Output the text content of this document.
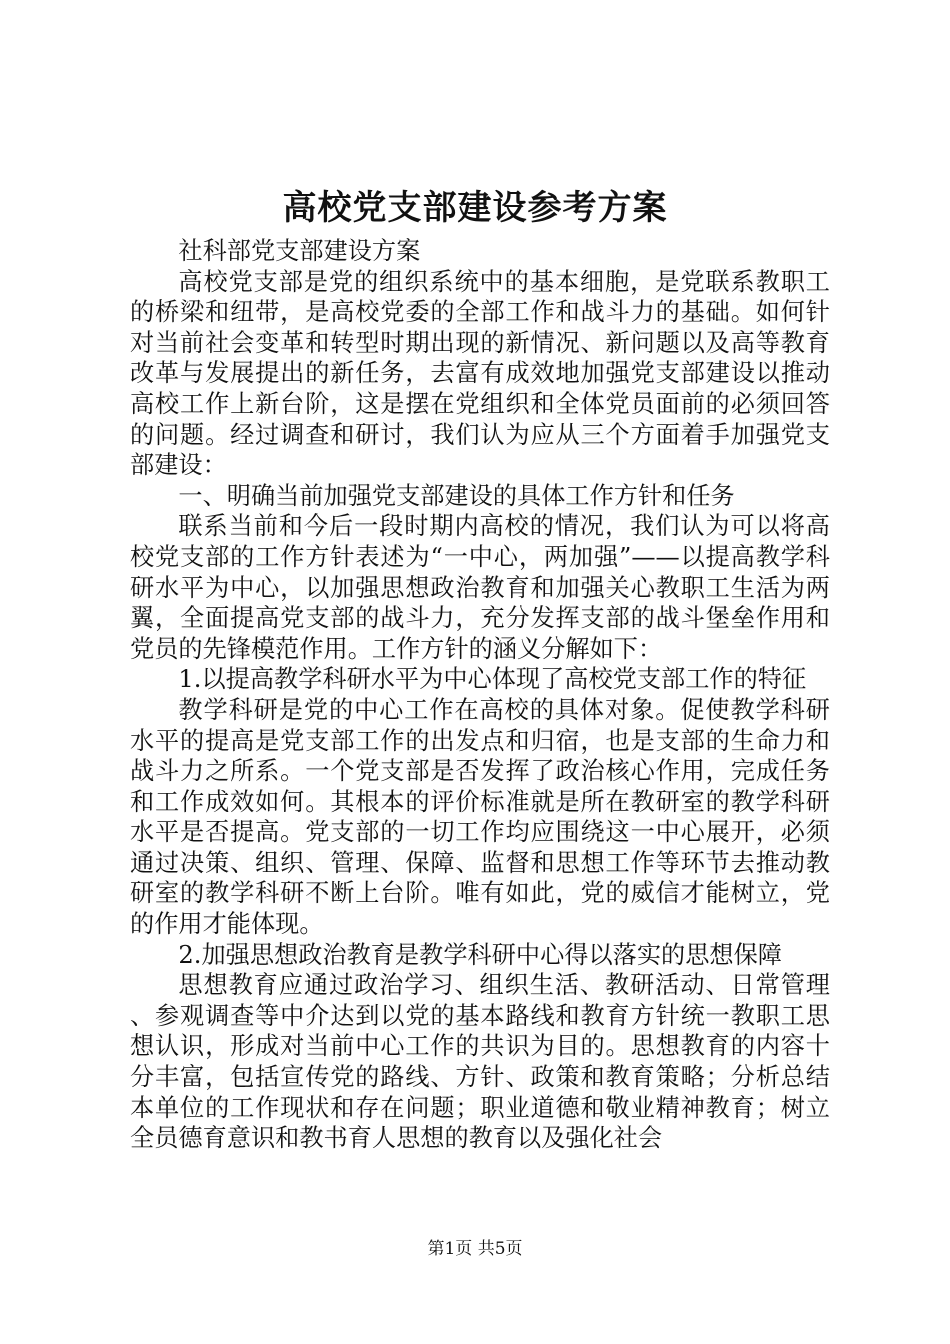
高校党支部建设参考方案

社科部党支部建设方案

高校党支部是党的组织系统中的基本细胞，是党联系教职工的桥梁和纽带，是高校党委的全部工作和战斗力的基础。如何针对当前社会变革和转型时期出现的新情况、新问题以及高等教育改革与发展提出的新任务，去富有成效地加强党支部建设以推动高校工作上新台阶，这是摆在党组织和全体党员面前的必须回答的问题。经过调查和研讨，我们认为应从三个方面着手加强党支部建设：

一、明确当前加强党支部建设的具体工作方针和任务

联系当前和今后一段时期内高校的情况，我们认为可以将高校党支部的工作方针表述为“一中心，两加强”——以提高教学科研水平为中心，以加强思想政治教育和加强关心教职工生活为两翼，全面提高党支部的战斗力，充分发挥支部的战斗堡垒作用和党员的先锋模范作用。工作方针的涵义分解如下：

1.以提高教学科研水平为中心体现了高校党支部工作的特征

教学科研是党的中心工作在高校的具体对象。促使教学科研水平的提高是党支部工作的出发点和归宿，也是支部的生命力和战斗力之所系。一个党支部是否发挥了政治核心作用，完成任务和工作成效如何。其根本的评价标准就是所在教研室的教学科研水平是否提高。党支部的一切工作均应围绕这一中心展开，必须通过决策、组织、管理、保障、监督和思想工作等环节去推动教研室的教学科研不断上台阶。唯有如此，党的威信才能树立，党的作用才能体现。

2.加强思想政治教育是教学科研中心得以落实的思想保障

思想教育应通过政治学习、组织生活、教研活动、日常管理、参观调查等中介达到以党的基本路线和教育方针统一教职工思想认识，形成对当前中心工作的共识为目的。思想教育的内容十分丰富，包括宣传党的路线、方针、政策和教育策略；分析总结本单位的工作现状和存在问题；职业道德和敬业精神教育；树立全员德育意识和教书育人思想的教育以及强化社会

第1页 共5页
